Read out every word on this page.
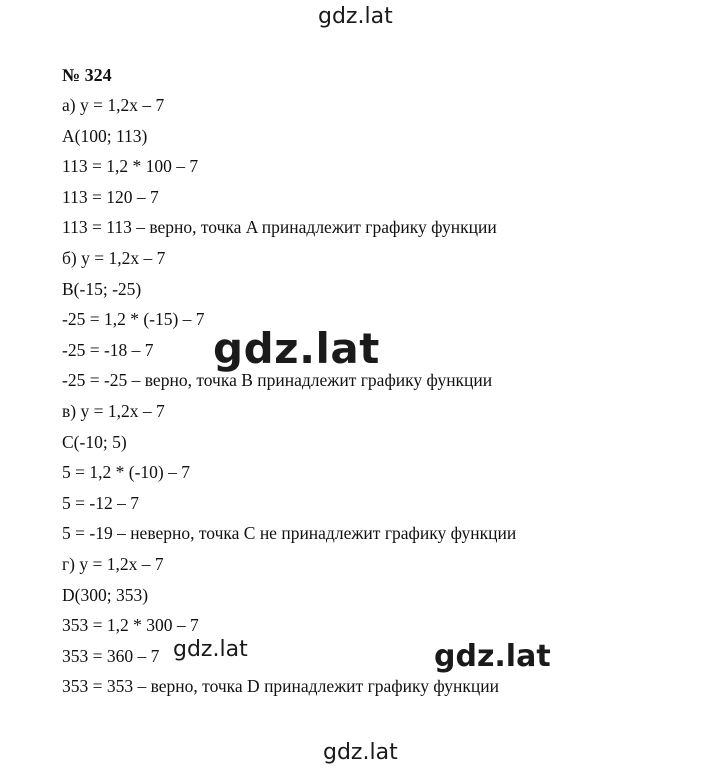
gdz.lat
№ 324
а) y = 1,2x – 7
A(100; 113)
113 = 1,2 * 100 – 7
113 = 120 – 7
113 = 113 – верно, точка A принадлежит графику функции
б) y = 1,2x – 7
B(-15; -25)
-25 = 1,2 * (-15) – 7
-25 = -18 – 7
-25 = -25 – верно, точка B принадлежит графику функции
в) y = 1,2x – 7
C(-10; 5)
5 = 1,2 * (-10) – 7
5 = -12 – 7
5 = -19 – неверно, точка C не принадлежит графику функции
г) y = 1,2x – 7
D(300; 353)
353 = 1,2 * 300 – 7
353 = 360 – 7
353 = 353 – верно, точка D принадлежит графику функции
gdz.lat
gdz.lat	gdz.lat
gdz.lat
